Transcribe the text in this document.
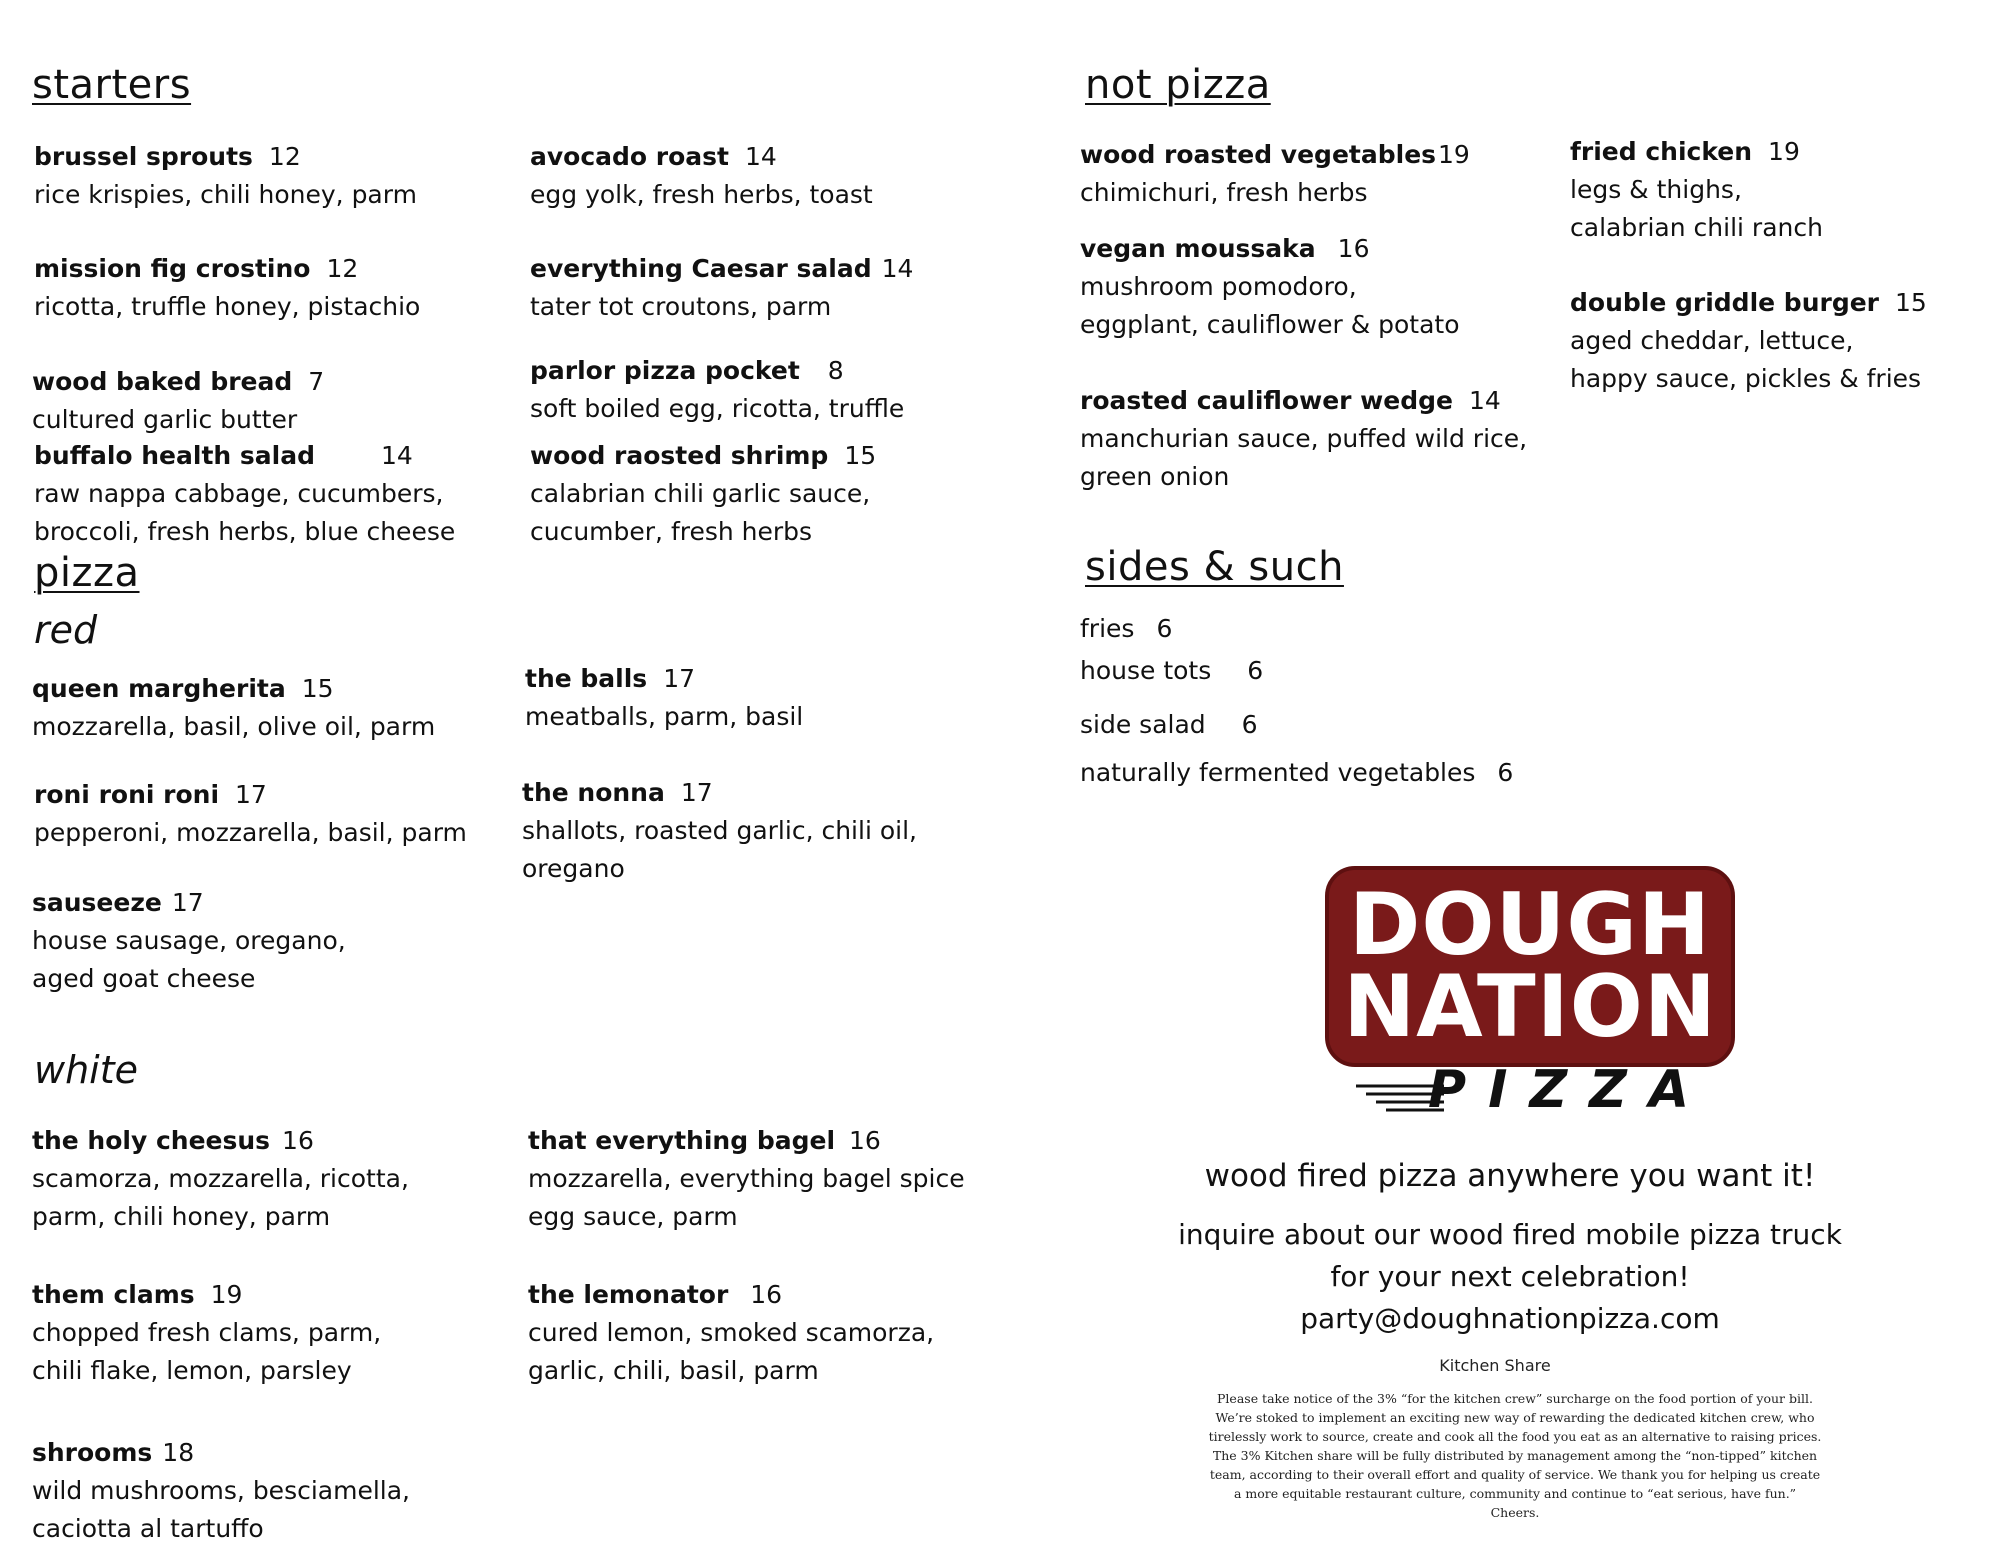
starters
pizza
red
white
not pizza
sides & such
brussel sprouts 12
rice krispies, chili honey, parm
mission fig crostino 12
ricotta, truffle honey, pistachio
wood baked bread 7
cultured garlic butter
buffalo health salad	14
raw nappa cabbage, cucumbers,
broccoli, fresh herbs, blue cheese
avocado roast 14
egg yolk, fresh herbs, toast
everything Caesar salad 14
tater tot croutons, parm
parlor pizza pocket 8
soft boiled egg, ricotta, truffle
wood raosted shrimp 15
calabrian chili garlic sauce,
cucumber, fresh herbs
queen margherita 15
mozzarella, basil, olive oil, parm
roni roni roni 17
pepperoni, mozzarella, basil, parm
sauseeze 17
house sausage, oregano,
aged goat cheese
the balls 17
meatballs, parm, basil
the nonna 17
shallots, roasted garlic, chili oil,
oregano
the holy cheesus 16
scamorza, mozzarella, ricotta,
parm, chili honey, parm
them clams 19
chopped fresh clams, parm,
chili flake, lemon, parsley
shrooms 18
wild mushrooms, besciamella,
caciotta al tartuffo
that everything bagel 16
mozzarella, everything bagel spice
egg sauce, parm
the lemonator 16
cured lemon, smoked scamorza,
garlic, chili, basil, parm
wood roasted vegetables19
chimichuri, fresh herbs
vegan moussaka 16
mushroom pomodoro,
eggplant, cauliflower & potato
roasted cauliflower wedge 14
manchurian sauce, puffed wild rice,
green onion
fried chicken 19
legs & thighs,
calabrian chili ranch
double griddle burger 15
aged cheddar, lettuce,
happy sauce, pickles & fries
fries 6
house tots 6
side salad 6
naturally fermented vegetables 6
DOUGH
NATION
PIZZA
wood fired pizza anywhere you want it!
inquire about our wood fired mobile pizza truck
for your next celebration!
party@doughnationpizza.com
Kitchen Share
Please take notice of the 3% “for the kitchen crew” surcharge on the food portion of your bill.
We’re stoked to implement an exciting new way of rewarding the dedicated kitchen crew, who
tirelessly work to source, create and cook all the food you eat as an alternative to raising prices.
The 3% Kitchen share will be fully distributed by management among the “non-tipped” kitchen
team, according to their overall effort and quality of service. We thank you for helping us create
a more equitable restaurant culture, community and continue to “eat serious, have fun.”
Cheers.
